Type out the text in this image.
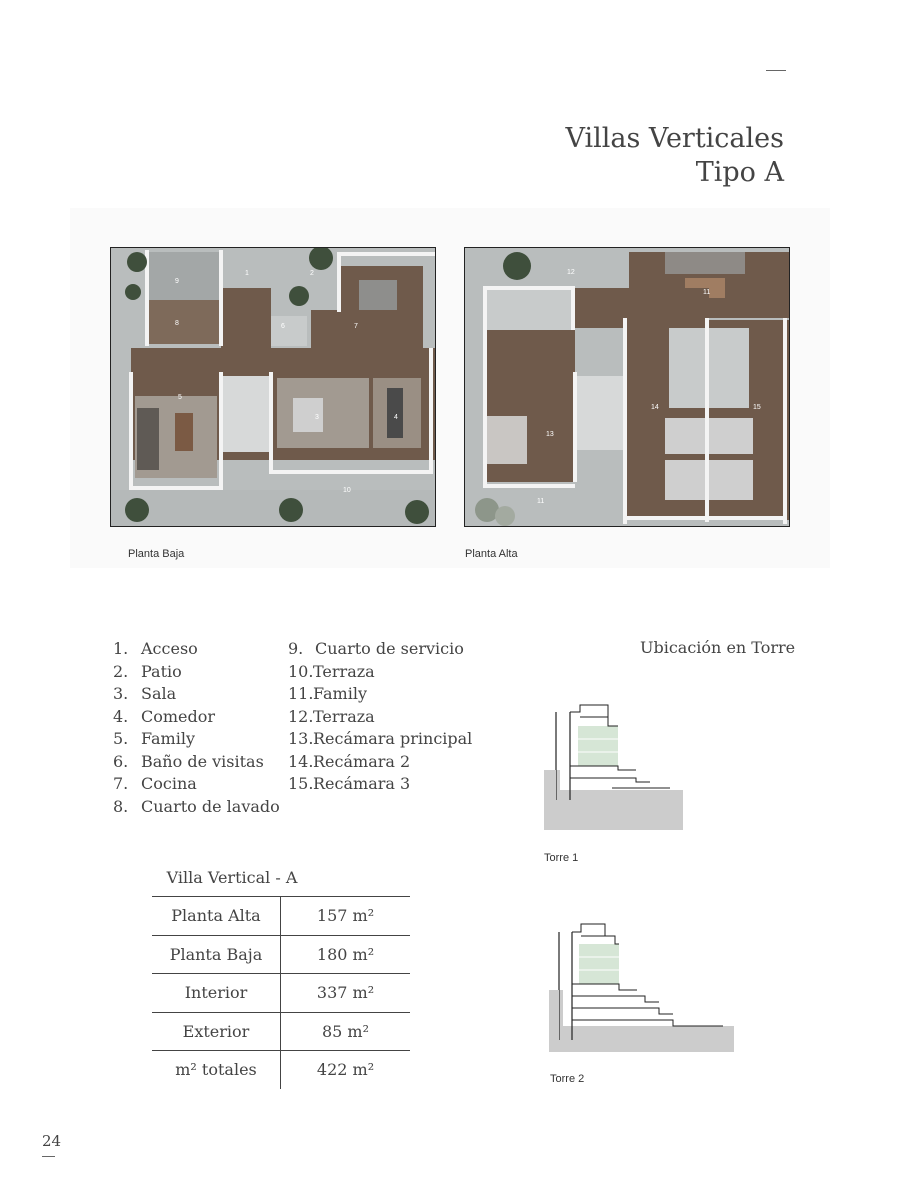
Villas Verticales
Tipo A
1	2
3	4
5
6	7
8
9
10
Planta Baja
11
12
13
14	15
11
Planta Alta
1. Acceso
2. Patio
3. Sala
4. Comedor
5. Family
6. Baño de visitas
7. Cocina
8. Cuarto de lavado
9. Cuarto de servicio
10. Terraza
11. Family
12. Terraza
13. Recámara principal
14. Recámara 2
15. Recámara 3
Ubicación en Torre
Torre 1
Torre 2
Villa Vertical - A
Planta Alta	157 m²
Planta Baja	180 m²
Interior	337 m²
Exterior	85 m²
m² totales	422 m²
24
